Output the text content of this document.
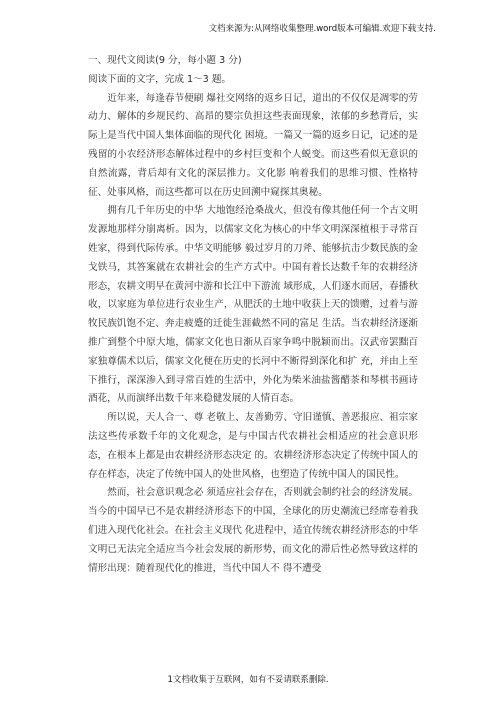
文档来源为:从网络收集整理.word版本可编辑.欢迎下载支持.

一、现代文阅读(9 分，每小题 3 分)

阅读下面的文字，完成 1～3 题。

近年来，每逢春节便刷 爆社交网络的返乡日记，道出的不仅仅是凋零的劳动力、解体的乡规民约、高昂的婴宗负担这些表面现象，浓郁的乡愁背后，实际上是当代中国人集体面临的现代化 困境。一篇又一篇的返乡日记，记述的是残留的小农经济形态解体过程中的乡村巨变和个人蜕变。而这些看似无意识的自然流露，背后却有文化的深层推力。文化影 响着我们的思维习惯、性格特征、处事风格，而这些都可以在历史回溯中窥探其奥秘。

拥有几千年历史的中华 大地饱经沧桑战火，但没有像其他任何一个古文明发源地那样分崩离析。因为，以儒家文化为核心的中华文明深深植根于寻常百姓家，得到代际传承。中华文明能够 毅过岁月的刀斧、能够抗击少数民族的金戈铁马，其答案就在农耕社会的生产方式中。中国有着长达数千年的农耕经济形态，农耕文明早在黄河中游和长江中下游流 域形成，人们逐水而居，春播秋收，以家庭为单位进行农业生产，从肥沃的土地中收获上天的馈赠，过着与游牧民族饥饱不定、奔走疲蹙的迁徙生涯截然不同的富足 生活。当农耕经济逐渐推广到整个中原大地，儒家文化也日渐从百家争鸣中脱颖而出。汉武帝罢黜百家独尊儒术以后，儒家文化便在历史的长河中不断得到深化和扩 充，并由上至下推行，深深渗入到寻常百姓的生活中，外化为柴米油盐酱醋茶和琴棋书画诗酒花，从而演绎出数千年来稳健发展的人情百态。

所以说，天人合一、尊 老敬上、友善勤劳、守旧谨慎、善恶报应、祖宗家法这些传承数千年的文化观念，是与中国古代农耕社会相适应的社会意识形态，在根本上都是由农耕经济形态决定 的。农耕经济形态决定了传统中国人的存在样态，决定了传统中国人的处世风格，也塑造了传统中国人的国民性。

然而，社会意识观念必 须适应社会存在，否则就会制约社会的经济发展。当今的中国早已不是农耕经济形态下的中国，全球化的历史潮流已经席卷着我们进入现代化社会。在社会主义现代 化进程中，适宜传统农耕经济形态的中华文明已无法完全适应当今社会发展的新形势，而文化的滞后性必然导致这样的情形出现：随着现代化的推进，当代中国人不 得不遭受

1文档收集于互联网，如有不妥请联系删除.
